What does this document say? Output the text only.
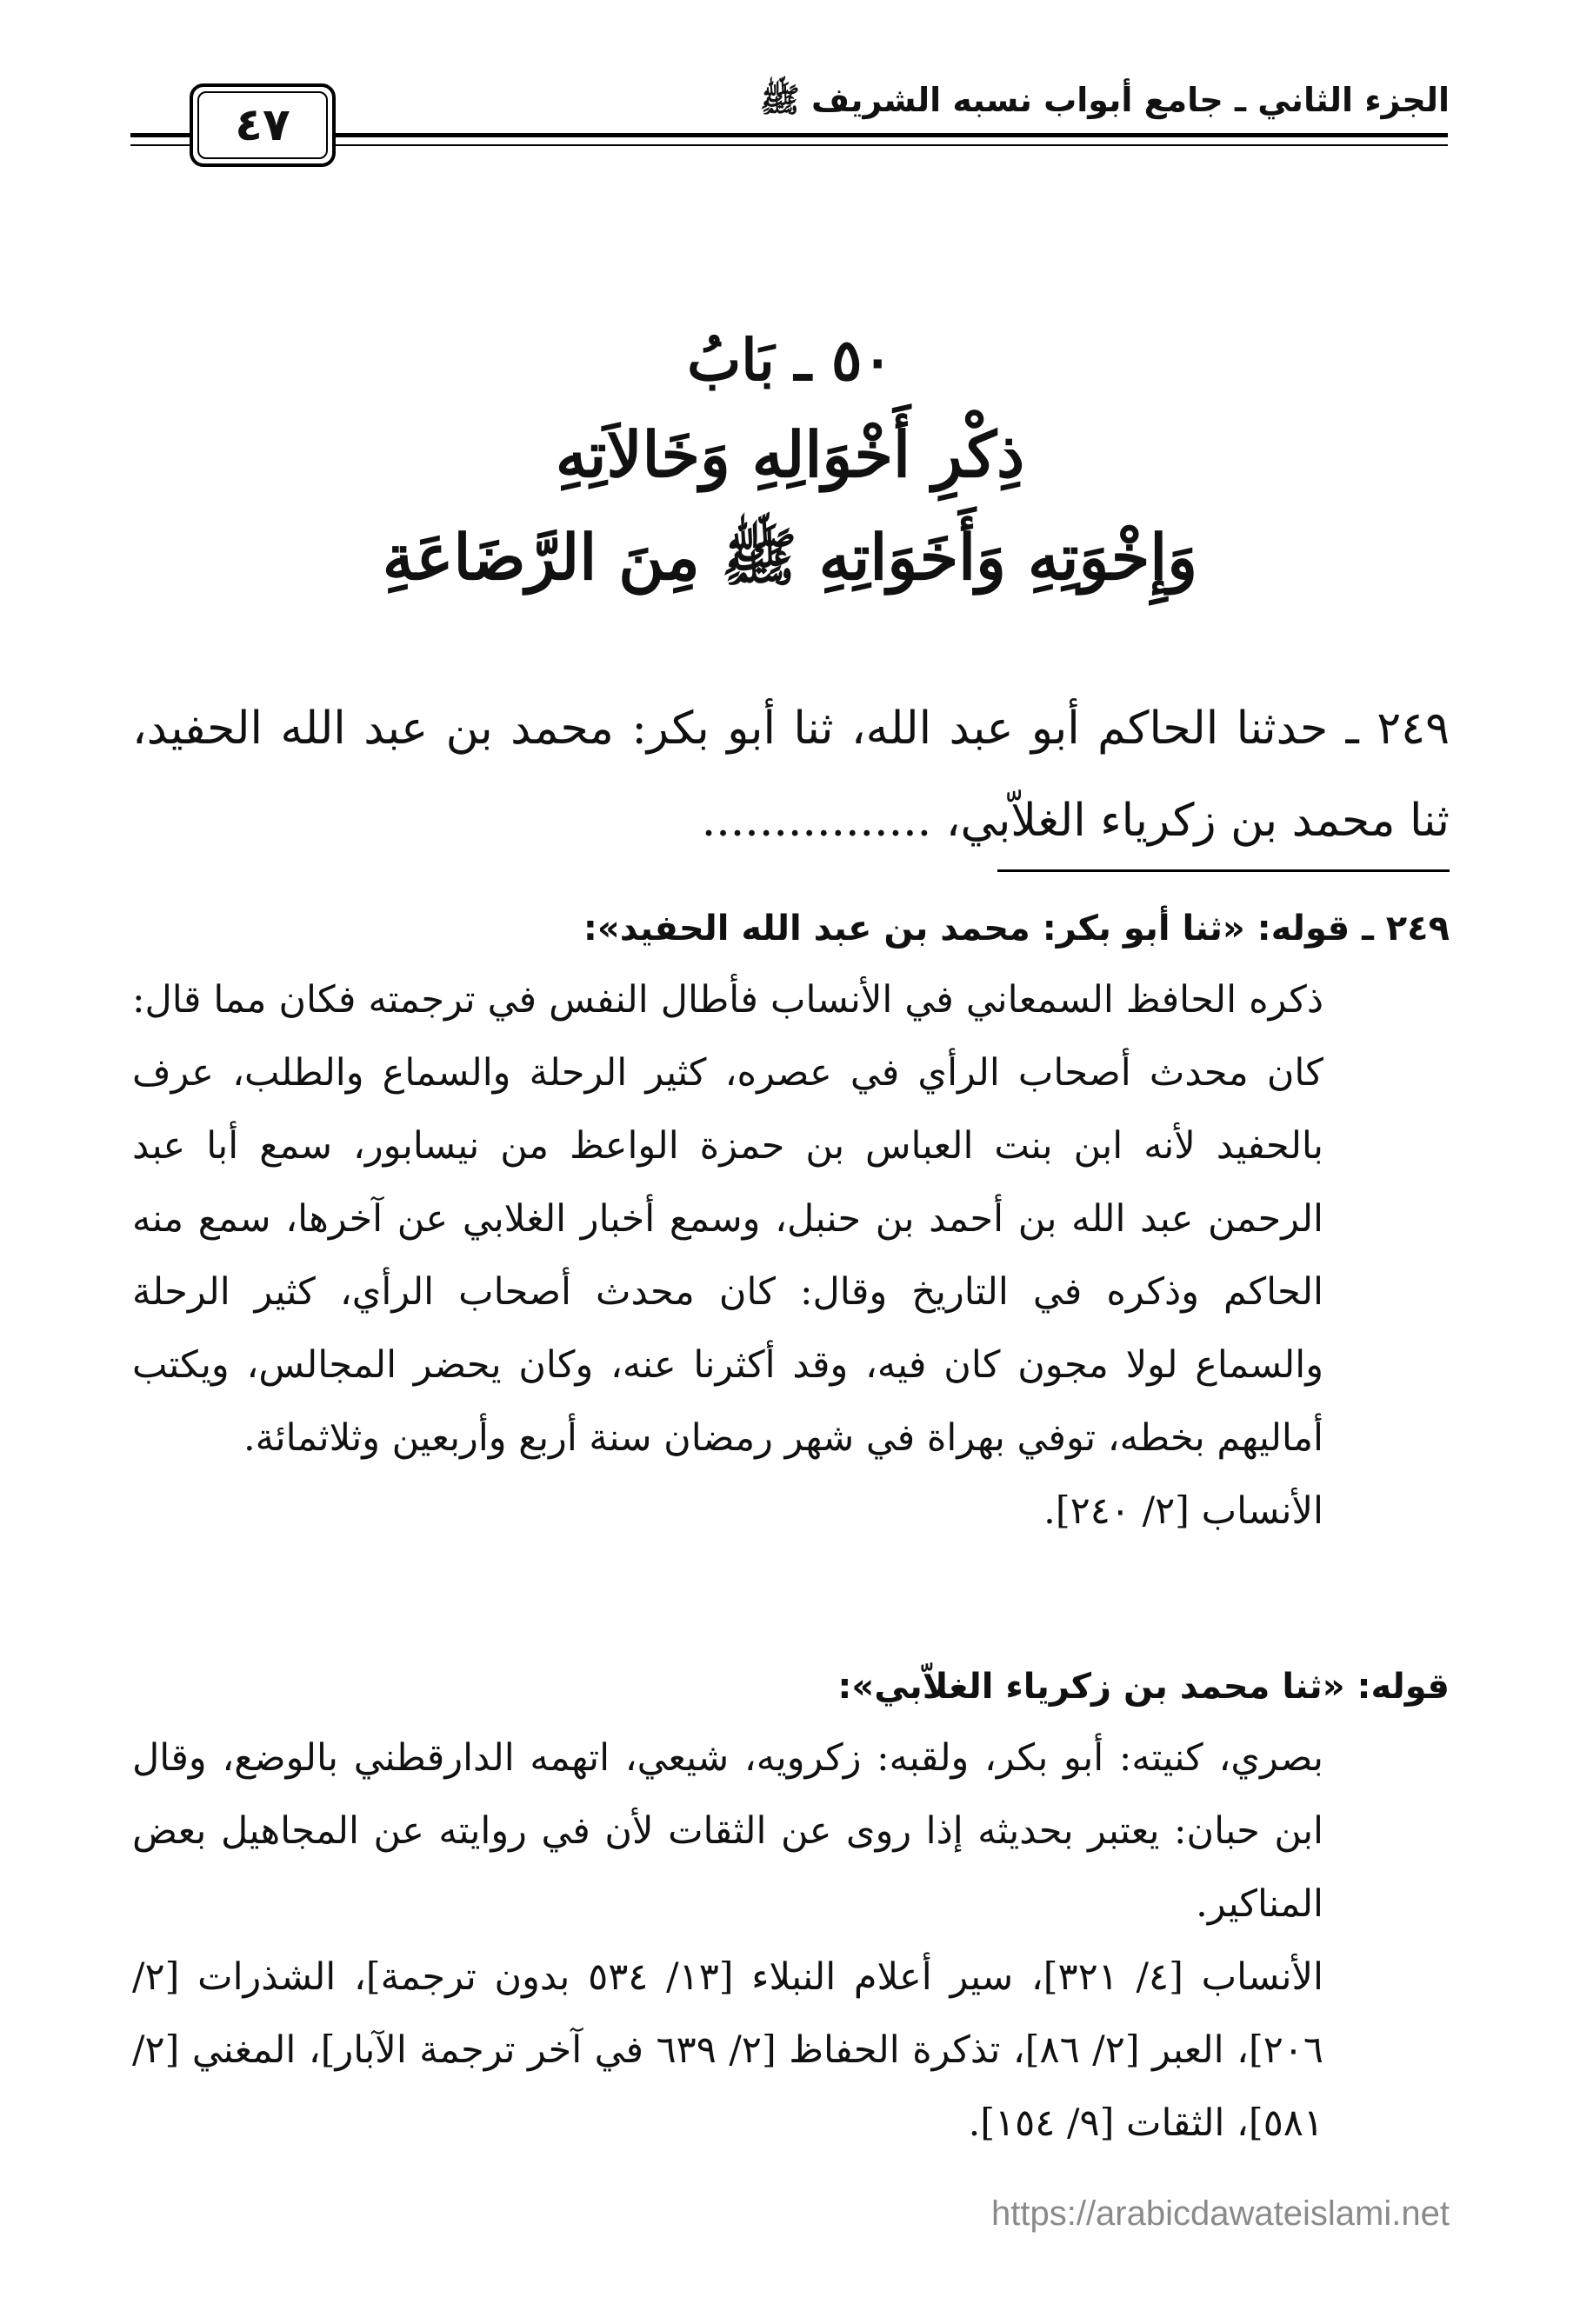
الجزء الثاني ـ جامع أبواب نسبه الشريف ﷺ
٤٧
٥٠ ـ بَابُ
ذِكْرِ أَخْوَالِهِ وَخَالاَتِهِ
وَإِخْوَتِهِ وَأَخَوَاتِهِ ﷺ مِنَ الرَّضَاعَةِ

٢٤٩ ـ حدثنا الحاكم أبو عبد الله، ثنا أبو بكر: محمد بن عبد الله الحفيد، ثنا محمد بن زكرياء الغلاّبي، ................

٢٤٩ ـ قوله: «ثنا أبو بكر: محمد بن عبد الله الحفيد»:

ذكره الحافظ السمعاني في الأنساب فأطال النفس في ترجمته فكان مما قال: كان محدث أصحاب الرأي في عصره، كثير الرحلة والسماع والطلب، عرف بالحفيد لأنه ابن بنت العباس بن حمزة الواعظ من نيسابور، سمع أبا عبد الرحمن عبد الله بن أحمد بن حنبل، وسمع أخبار الغلابي عن آخرها، سمع منه الحاكم وذكره في التاريخ وقال: كان محدث أصحاب الرأي، كثير الرحلة والسماع لولا مجون كان فيه، وقد أكثرنا عنه، وكان يحضر المجالس، ويكتب أماليهم بخطه، توفي بهراة في شهر رمضان سنة أربع وأربعين وثلاثمائة.

الأنساب [٢/ ٢٤٠].

قوله: «ثنا محمد بن زكرياء الغلاّبي»:

بصري، كنيته: أبو بكر، ولقبه: زكرويه، شيعي، اتهمه الدارقطني بالوضع، وقال ابن حبان: يعتبر بحديثه إذا روى عن الثقات لأن في روايته عن المجاهيل بعض المناكير.

الأنساب [٤/ ٣٢١]، سير أعلام النبلاء [١٣/ ٥٣٤ بدون ترجمة]، الشذرات [٢/ ٢٠٦]، العبر [٢/ ٨٦]، تذكرة الحفاظ [٢/ ٦٣٩ في آخر ترجمة الآبار]، المغني [٢/ ٥٨١]، الثقات [٩/ ١٥٤].

https://arabicdawateislami.net
